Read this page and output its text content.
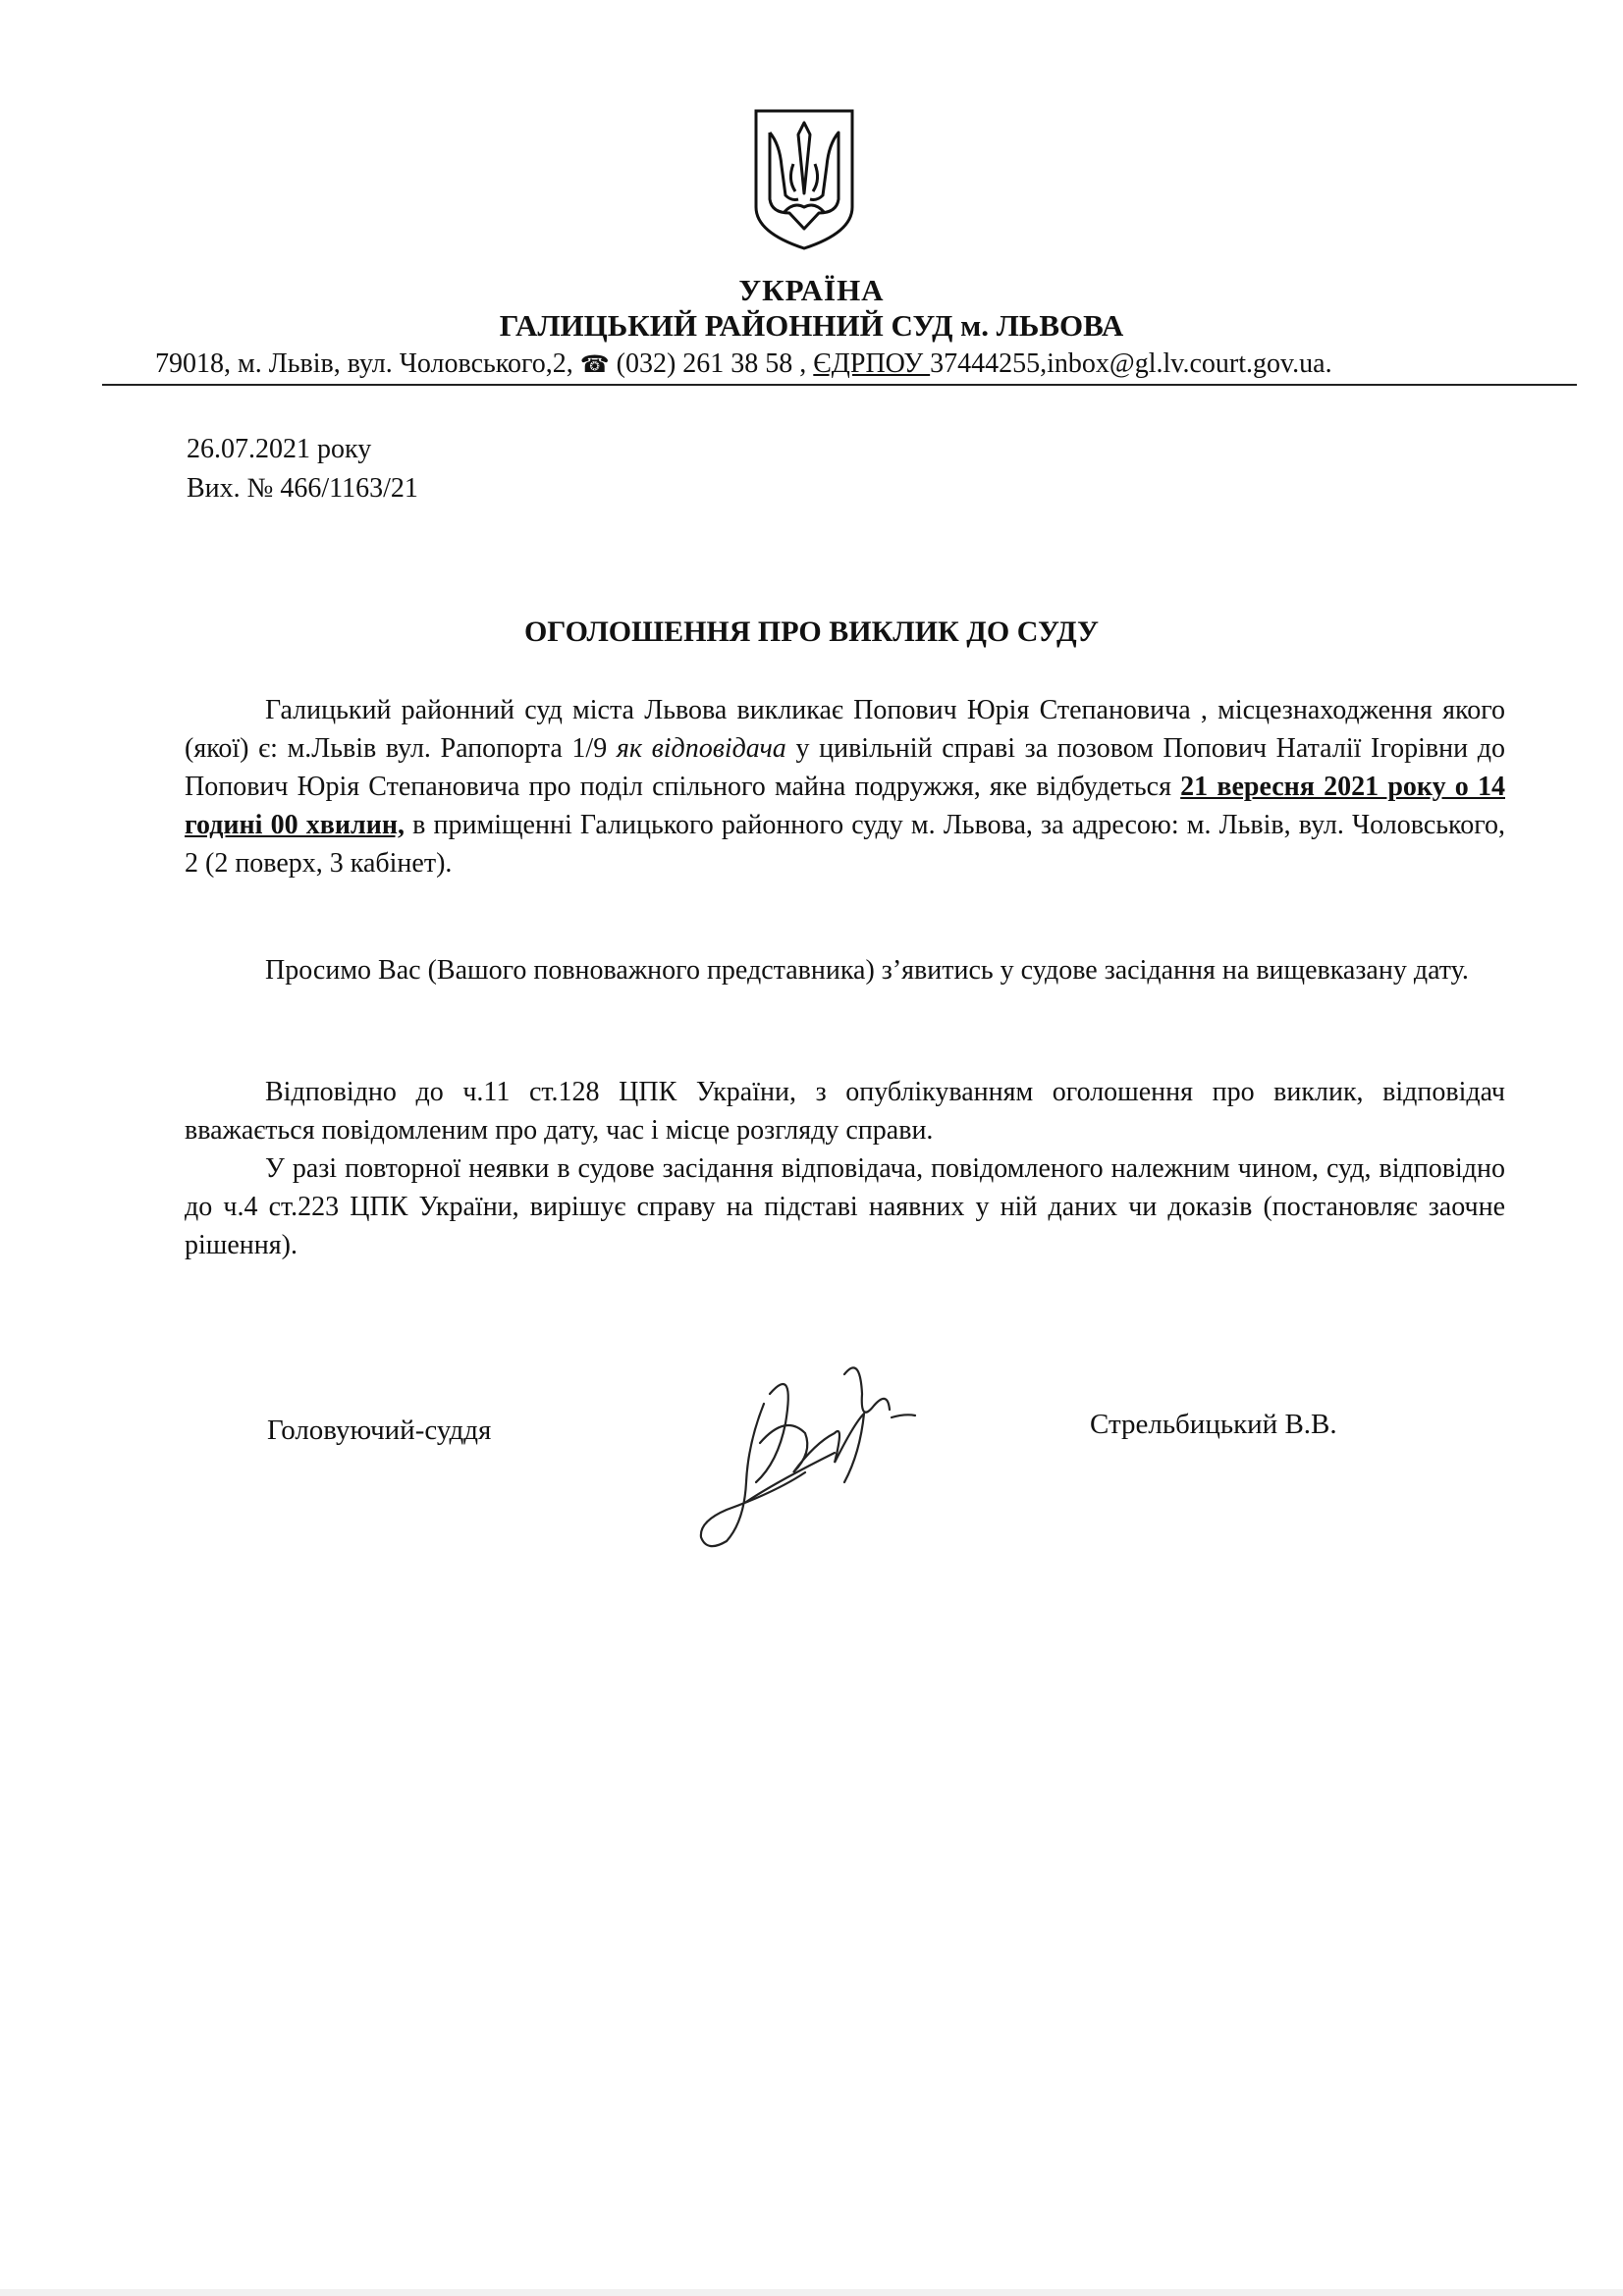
УКРАЇНА
ГАЛИЦЬКИЙ РАЙОННИЙ СУД м. ЛЬВОВА
79018, м. Львів, вул. Чоловського,2, ☎ (032) 261 38 58 , ЄДРПОУ 37444255,inbox@gl.lv.court.gov.ua.
26.07.2021 року
Вих. № 466/1163/21
ОГОЛОШЕННЯ ПРО ВИКЛИК ДО СУДУ
Галицький районний суд міста Львова викликає Попович Юрія Степановича , місцезнаходження якого (якої) є: м.Львів вул. Рапопорта 1/9 як відповідача у цивільній справі за позовом Попович Наталії Ігорівни до Попович Юрія Степановича про поділ спільного майна подружжя, яке відбудеться 21 вересня 2021 року о 14 годині 00 хвилин, в приміщенні Галицького районного суду м. Львова, за адресою: м. Львів, вул. Чоловського, 2 (2 поверх, 3 кабінет).
Просимо Вас (Вашого повноважного представника) з’явитись у судове засідання на вищевказану дату.
Відповідно до ч.11 ст.128 ЦПК України, з опублікуванням оголошення про виклик, відповідач вважається повідомленим про дату, час і місце розгляду справи.
У разі повторної неявки в судове засідання відповідача, повідомленого належним чином, суд, відповідно до ч.4 ст.223 ЦПК України, вирішує справу на підставі наявних у ній даних чи доказів (постановляє заочне рішення).
Головуючий-суддя	Стрельбицький В.В.
